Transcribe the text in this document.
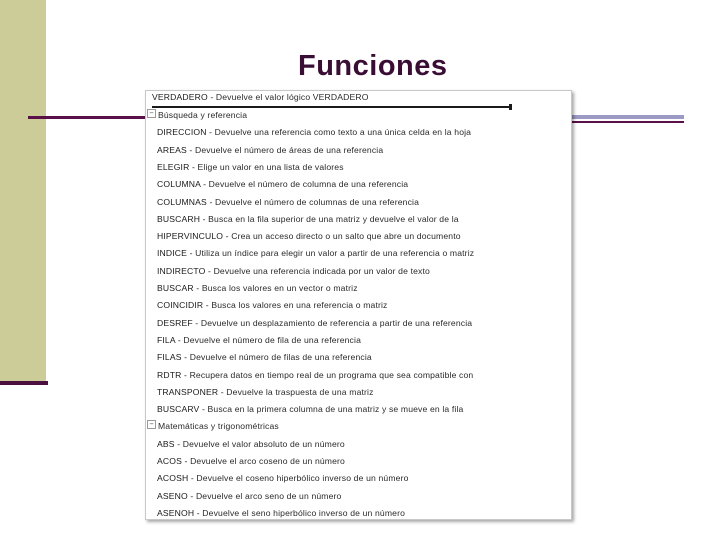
Funciones
VERDADERO - Devuelve el valor lógico VERDADERO
− Búsqueda y referencia
DIRECCION - Devuelve una referencia como texto a una única celda en la hoja
AREAS - Devuelve el número de áreas de una referencia
ELEGIR - Elige un valor en una lista de valores
COLUMNA - Devuelve el número de columna de una referencia
COLUMNAS - Devuelve el número de columnas de una referencia
BUSCARH - Busca en la fila superior de una matriz y devuelve el valor de la
HIPERVINCULO - Crea un acceso directo o un salto que abre un documento
INDICE - Utiliza un índice para elegir un valor a partir de una referencia o matriz
INDIRECTO - Devuelve una referencia indicada por un valor de texto
BUSCAR - Busca los valores en un vector o matriz
COINCIDIR - Busca los valores en una referencia o matriz
DESREF - Devuelve un desplazamiento de referencia a partir de una referencia
FILA - Devuelve el número de fila de una referencia
FILAS - Devuelve el número de filas de una referencia
RDTR - Recupera datos en tiempo real de un programa que sea compatible con
TRANSPONER - Devuelve la traspuesta de una matriz
BUSCARV - Busca en la primera columna de una matriz y se mueve en la fila
− Matemáticas y trigonométricas
ABS - Devuelve el valor absoluto de un número
ACOS - Devuelve el arco coseno de un número
ACOSH - Devuelve el coseno hiperbólico inverso de un número
ASENO - Devuelve el arco seno de un número
ASENOH - Devuelve el seno hiperbólico inverso de un número
